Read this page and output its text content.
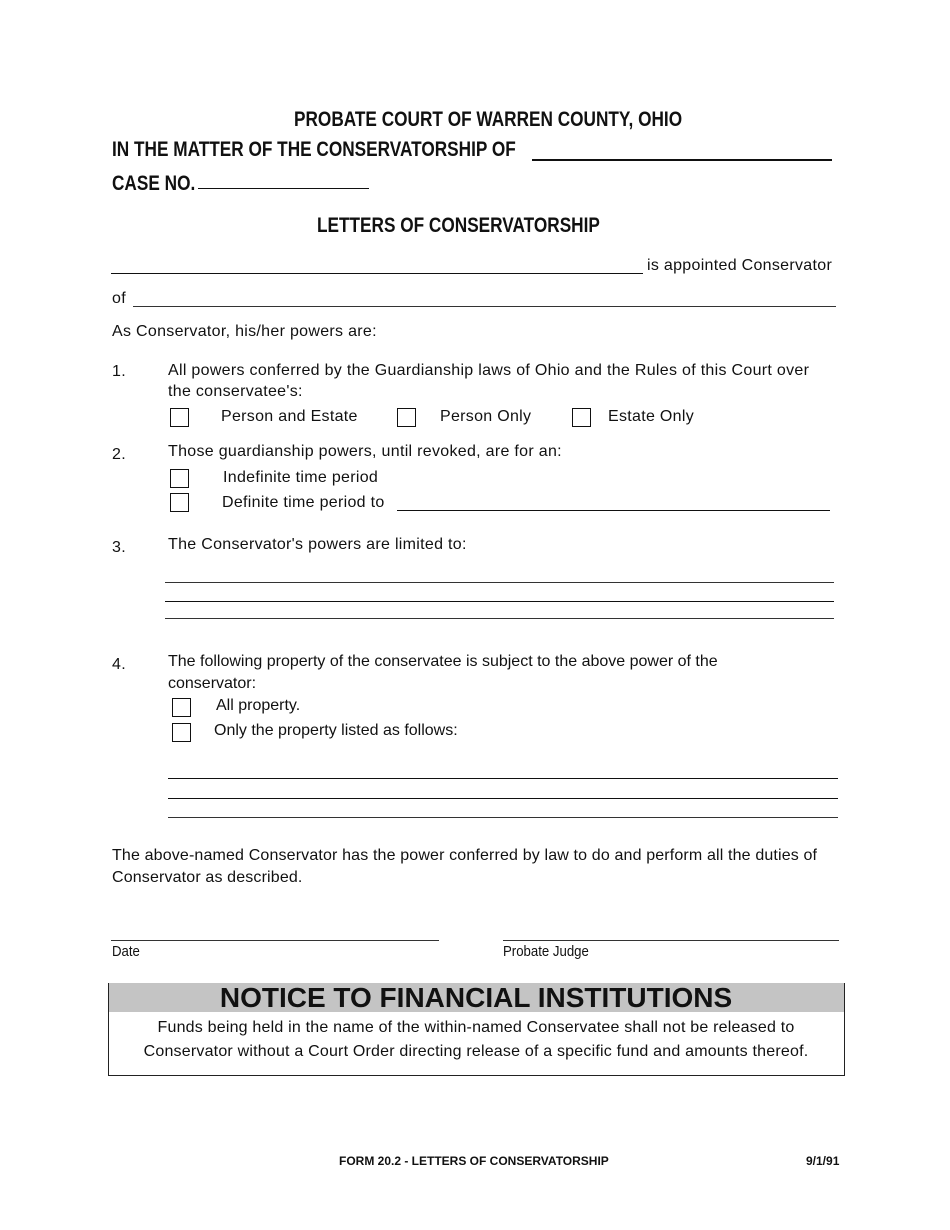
PROBATE COURT OF WARREN COUNTY, OHIO
IN THE MATTER OF THE CONSERVATORSHIP OF
CASE NO.
LETTERS OF CONSERVATORSHIP
is appointed Conservator
of
As Conservator, his/her powers are:
1.	All powers conferred by the Guardianship laws of Ohio and the Rules of this Court over
the conservatee's:
Person and Estate	Person Only	Estate Only
2.	Those guardianship powers, until revoked, are for an:
Indefinite time period
Definite time period to
3.	The Conservator's powers are limited to:
4.	The following property of the conservatee is subject to the above power of the
conservator:
All property.
Only the property listed as follows:
The above-named Conservator has the power conferred by law to do and perform all the duties of
Conservator as described.
Date	Probate Judge
NOTICE TO FINANCIAL INSTITUTIONS
Funds being held in the name of the within-named Conservatee shall not be released to
Conservator without a Court Order directing release of a specific fund and amounts thereof.
FORM 20.2 - LETTERS OF CONSERVATORSHIP	9/1/91
